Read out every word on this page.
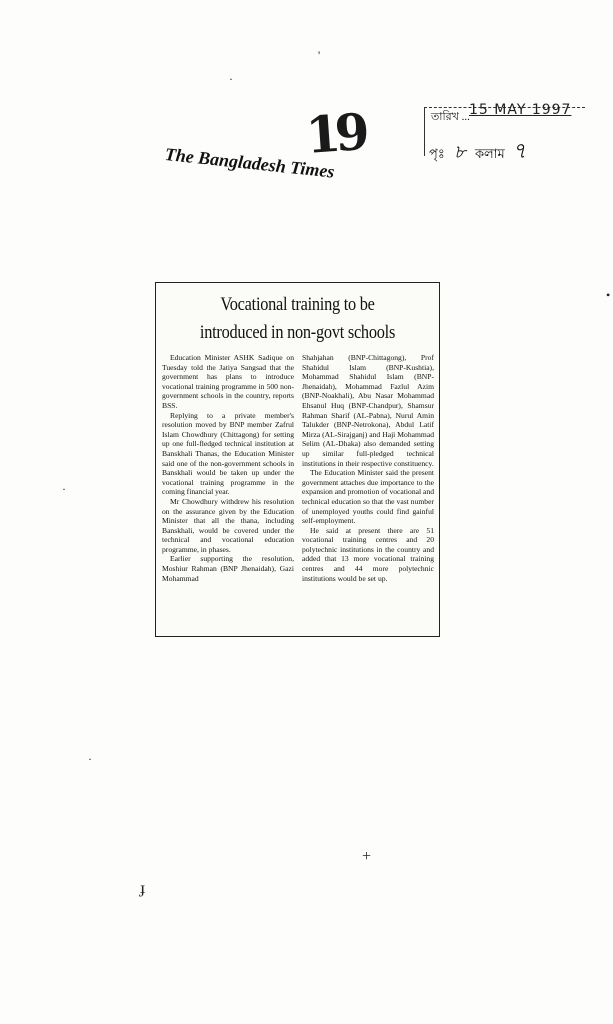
19
The Bangladesh Times
তারিখ ... 15 MAY 1997
পৃঃ ৮ কলাম ৭
Vocational training to be
introduced in non-govt schools

Education Minister ASHK Sadique on Tuesday told the Jatiya Sangsad that the government has plans to introduce vocational training programme in 500 non-government schools in the country, reports BSS.

Replying to a private member's resolution moved by BNP member Zafrul Islam Chowdhury (Chittagong) for setting up one full-fledged technical institution at Banskhali Thanas, the Education Minister said one of the non-government schools in Banskhali would be taken up under the vocational training programme in the coming financial year.

Mr Chowdhury withdrew his resolution on the assurance given by the Education Minister that all the thana, including Banskhali, would be covered under the technical and vocational education programme, in phases.

Earlier supporting the resolution, Moshiur Rahman (BNP Jhenaidah), Gazi Mohammad

Shahjahan (BNP-Chittagong), Prof Shahidul Islam (BNP-Kushtia), Mohammad Shahidul Islam (BNP-Jhenaidah), Mohammad Fazlul Azim (BNP-Noakhali), Abu Nasar Mohammad Ehsanul Huq (BNP-Chandpur), Shamsur Rahman Sharif (AL-Pabna), Nurul Amin Talukder (BNP-Netrokona), Abdul Latif Mirza (AL-Sirajganj) and Haji Mohammad Selim (AL-Dhaka) also demanded setting up similar full-pledged technical institutions in their respective constituency.

The Education Minister said the present government attaches due importance to the expansion and promotion of vocational and technical education so that the vast number of unemployed youths could find gainful self-employment.

He said at present there are 51 vocational training centres and 20 polytechnic institutions in the country and added that 13 more vocational training centres and 44 more polytechnic institutions would be set up.

·
'
•
·
·
+
ɟ
